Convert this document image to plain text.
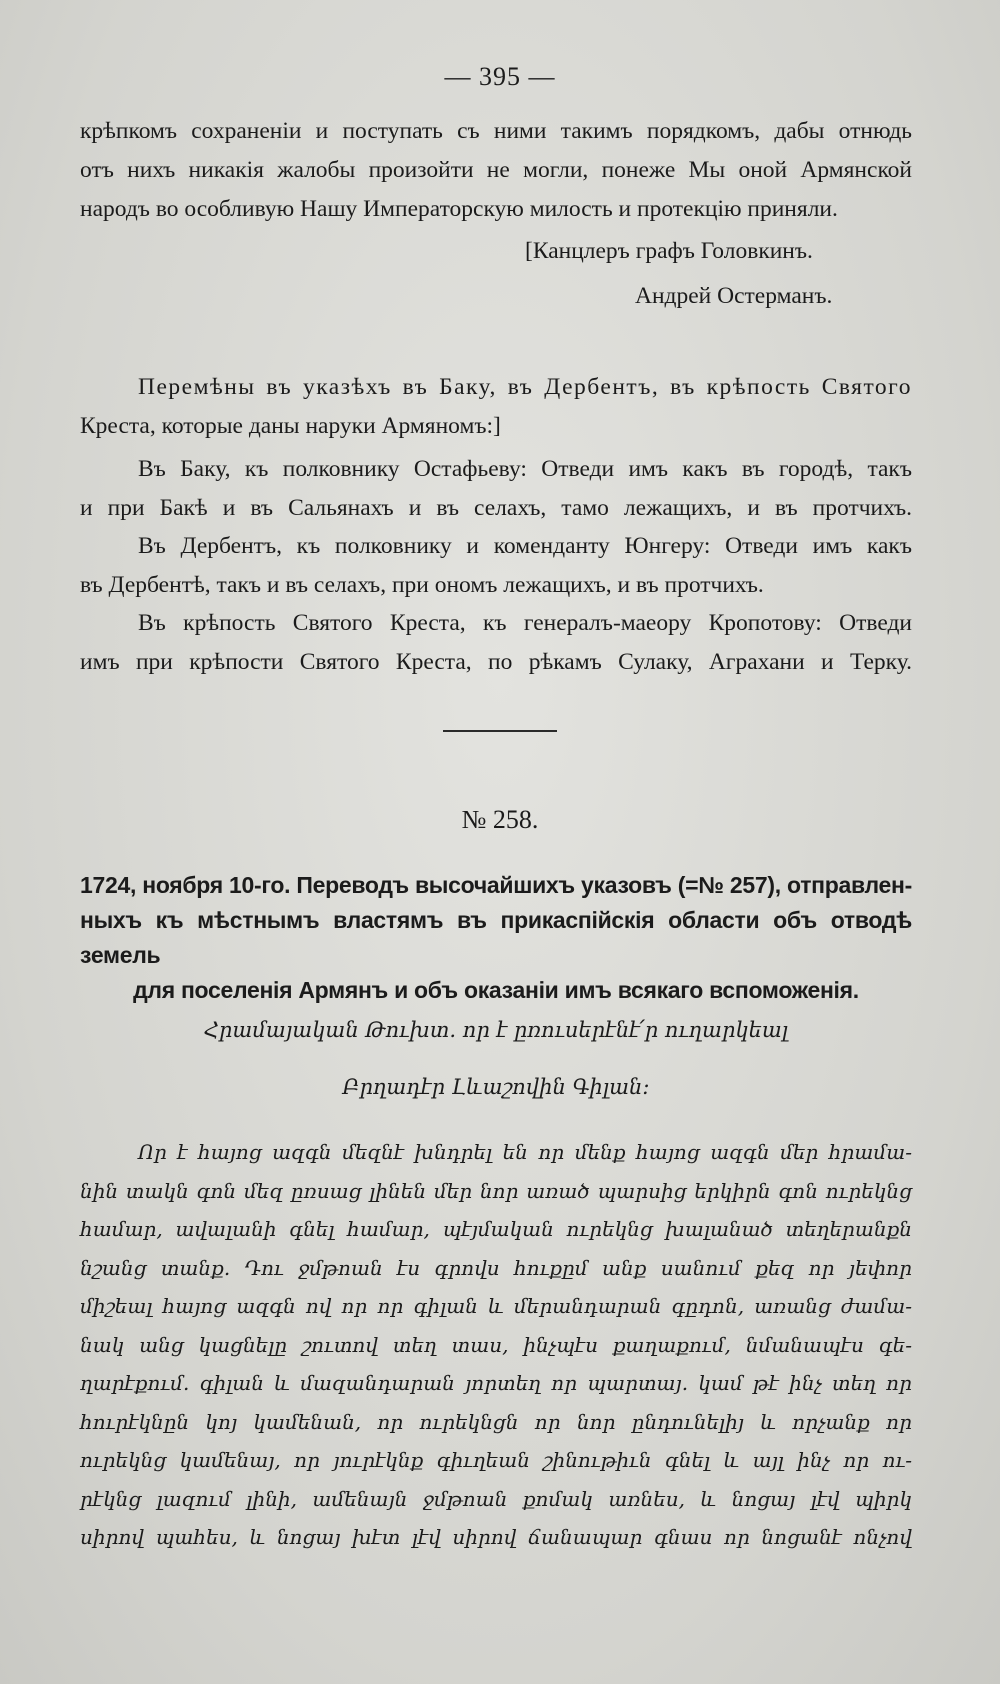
— 395 —
крѣпкомъ сохраненіи и поступать съ ними такимъ порядкомъ, дабы отнюдь
отъ нихъ никакія жалобы произойти не могли, понеже Мы оной Армянской
народъ во особливую Нашу Императорскую милость и протекцію приняли.
[Канцлеръ графъ Головкинъ.
Андрей Остерманъ.
Перемѣны въ указѣхъ въ Баку, въ Дербентъ, въ крѣпость Святого
Креста, которые даны наруки Армяномъ:]
Въ Баку, къ полковнику Остафьеву: Отведи имъ какъ въ городѣ, такъ
и при Бакѣ и въ Сальянахъ и въ селахъ, тамо лежащихъ, и въ протчихъ.
Въ Дербентъ, къ полковнику и коменданту Юнгеру: Отведи имъ какъ
въ Дербентѣ, такъ и въ селахъ, при ономъ лежащихъ, и въ протчихъ.
Въ крѣпость Святого Креста, къ генералъ-маеору Кропотову: Отведи
имъ при крѣпости Святого Креста, по рѣкамъ Сулаку, Аграхани и Терку.
№ 258.
1724, ноября 10-го. Переводъ высочайшихъ указовъ (=№ 257), отправлен-
ныхъ къ мѣстнымъ властямъ въ прикаспійскія области объ отводѣ земель
для поселенія Армянъ и объ оказаніи имъ всякаго вспоможенія.
Հրամայական Թուխտ. որ է ըռուսերէնէ՛ր ուղարկեալ
Բրղադէր Լևաշովին Գիլան։
Որ է հայոց ազգն մեզնէ խնդրել են որ մենք հայոց ազգն մեր հրամա-
նին տակն գոն մեզ ըռսաց լինեն մեր նոր առած պարսից երկիրն գոն ուրեկնց
համար, ավալանի գնել համար, պէյմական ուրեկնց խալանած տեղերանքն
նշանց տանք. Դու ջմթոան էս գրովս հուքըմ անք սանում քեզ որ յեփոր
միշեալ հայոց ազգն ով որ որ գիլան և մերանդարան գըդոն, առանց ժամա-
նակ անց կացնելը շուտով տեղ տաս, ինչպէս քաղաքում, նմանապէս գե-
ղարէքում. գիլան և մազանդարան յորտեղ որ պարտայ. կամ թէ ինչ տեղ որ
հուրէկնըն կոյ կամենան, որ ուրեկնցն որ նոր ընդունելիյ և որչանք որ
ուրեկնց կամենայ, որ յուրէկնք գիւղեան շինութիւն գնել և այլ ինչ որ ու-
րէկնց լազում լինի, ամենայն ջմթոան քոմակ առնես, և նոցայ լէվ պիրկ
սիրով պահես, և նոցայ խէտ լէվ սիրով ճանապար գնաս որ նոցանէ ոնչով
